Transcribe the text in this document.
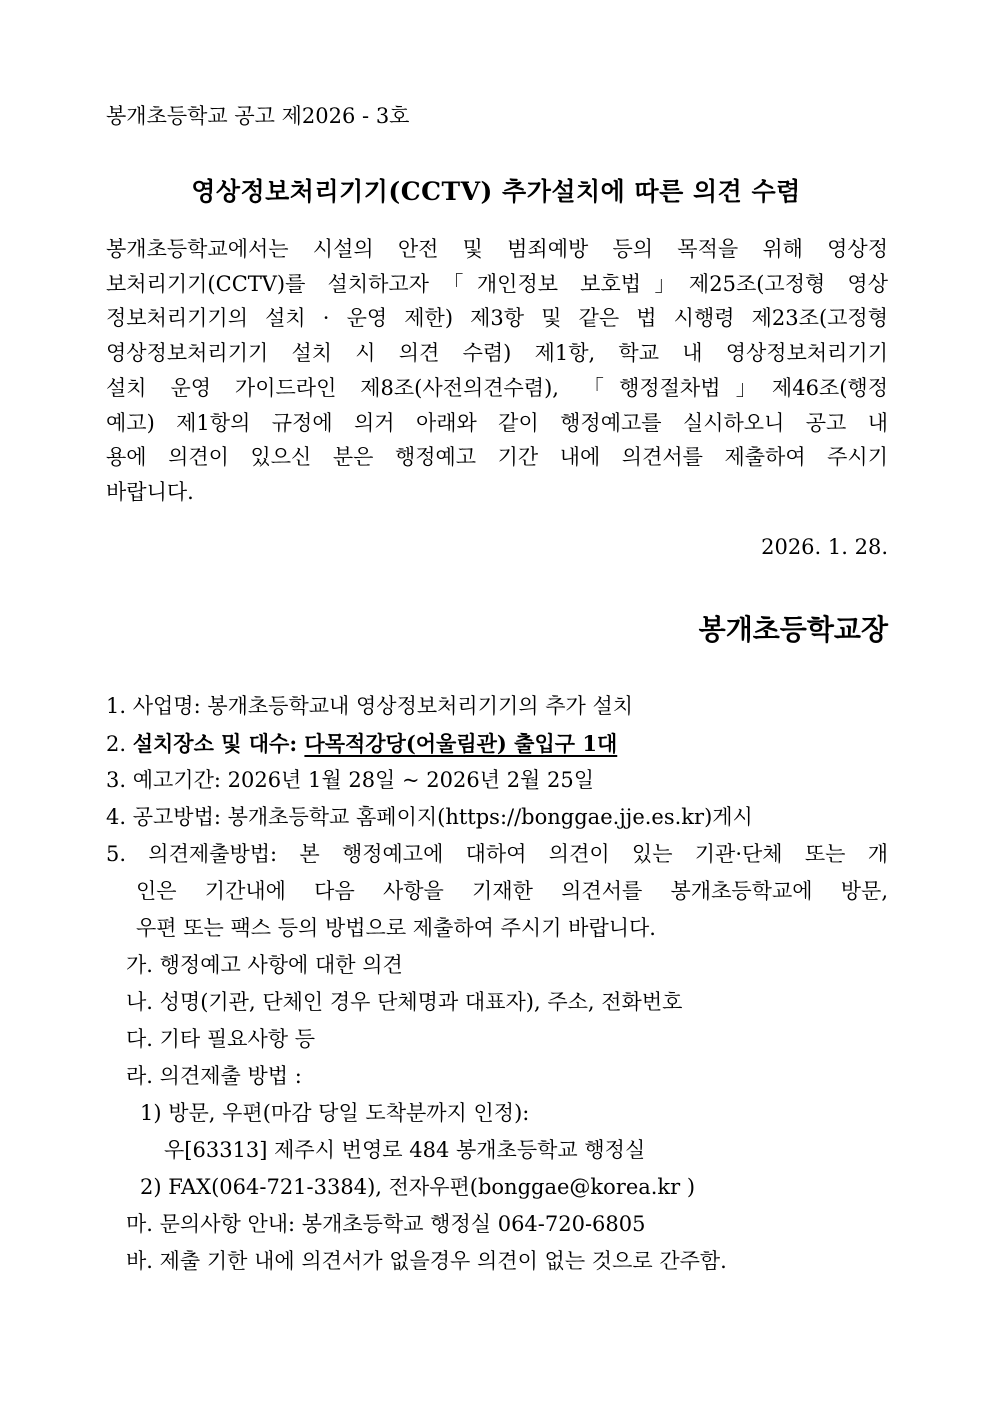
봉개초등학교 공고 제2026 - 3호
영상정보처리기기(CCTV) 추가설치에 따른 의견 수렴
봉개초등학교에서는 시설의 안전 및 범죄예방 등의 목적을 위해 영상정
보처리기기(CCTV)를 설치하고자「개인정보 보호법」제25조(고정형 영상
정보처리기기의 설치 · 운영 제한) 제3항 및 같은 법 시행령 제23조(고정형
영상정보처리기기 설치 시 의견 수렴) 제1항, 학교 내 영상정보처리기기
설치 운영 가이드라인 제8조(사전의견수렴), 「행정절차법」제46조(행정
예고) 제1항의 규정에 의거 아래와 같이 행정예고를 실시하오니 공고 내
용에 의견이 있으신 분은 행정예고 기간 내에 의견서를 제출하여 주시기
바랍니다.
2026. 1. 28.
봉개초등학교장
1. 사업명: 봉개초등학교내 영상정보처리기기의 추가 설치
2. 설치장소 및 대수: 다목적강당(어울림관) 출입구 1대
3. 예고기간: 2026년 1월 28일 ~ 2026년 2월 25일
4. 공고방법: 봉개초등학교 홈페이지(https://bonggae.jje.es.kr)게시
5. 의견제출방법: 본 행정예고에 대하여 의견이 있는 기관·단체 또는 개
인은 기간내에 다음 사항을 기재한 의견서를 봉개초등학교에 방문,
우편 또는 팩스 등의 방법으로 제출하여 주시기 바랍니다.
가. 행정예고 사항에 대한 의견
나. 성명(기관, 단체인 경우 단체명과 대표자), 주소, 전화번호
다. 기타 필요사항 등
라. 의견제출 방법 :
1) 방문, 우편(마감 당일 도착분까지 인정):
우[63313] 제주시 번영로 484 봉개초등학교 행정실
2) FAX(064-721-3384), 전자우편(bonggae@korea.kr )
마. 문의사항 안내: 봉개초등학교 행정실 064-720-6805
바. 제출 기한 내에 의견서가 없을경우 의견이 없는 것으로 간주함.
